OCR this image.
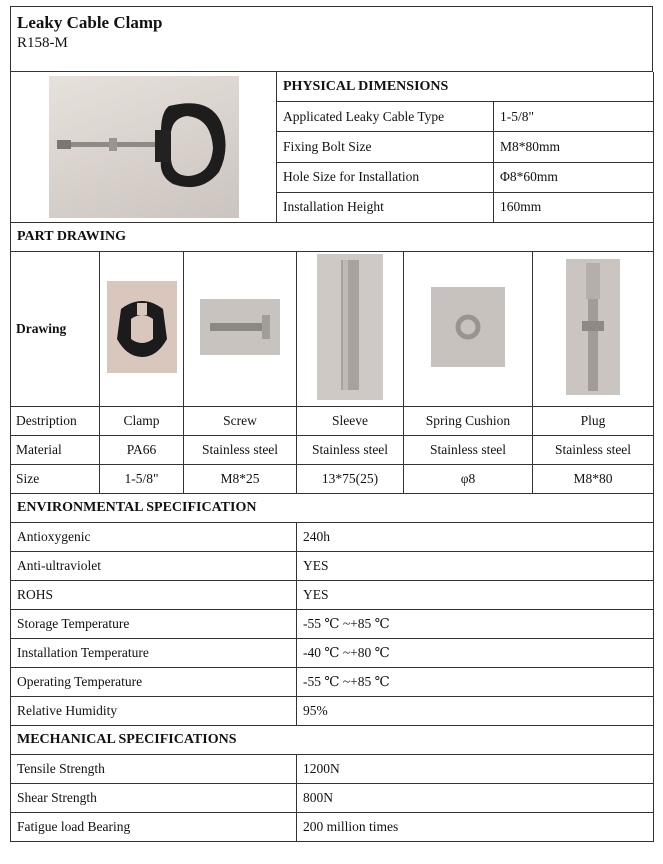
Leaky Cable Clamp
R158-M
	PHYSICAL DIMENSIONS	
	Applicated Leaky Cable Type	1-5/8"
	Fixing Bolt Size	M8*80mm
	Hole Size for Installation	Φ8*60mm
	Installation Height	160mm
PART DRAWING					
Drawing					
Destription	Clamp	Screw	Sleeve	Spring Cushion	Plug
Material	PA66	Stainless steel	Stainless steel	Stainless steel	Stainless steel
Size	1-5/8"	M8*25	13*75(25)	φ8	M8*80
ENVIRONMENTAL SPECIFICATION	
Antioxygenic	240h
Anti-ultraviolet	YES
ROHS	YES
Storage Temperature	-55 ℃ ~+85 ℃
Installation Temperature	-40 ℃ ~+80 ℃
Operating Temperature	-55 ℃ ~+85 ℃
Relative Humidity	95%
MECHANICAL SPECIFICATIONS	
Tensile Strength	1200N
Shear Strength	800N
Fatigue load Bearing	200 million times
